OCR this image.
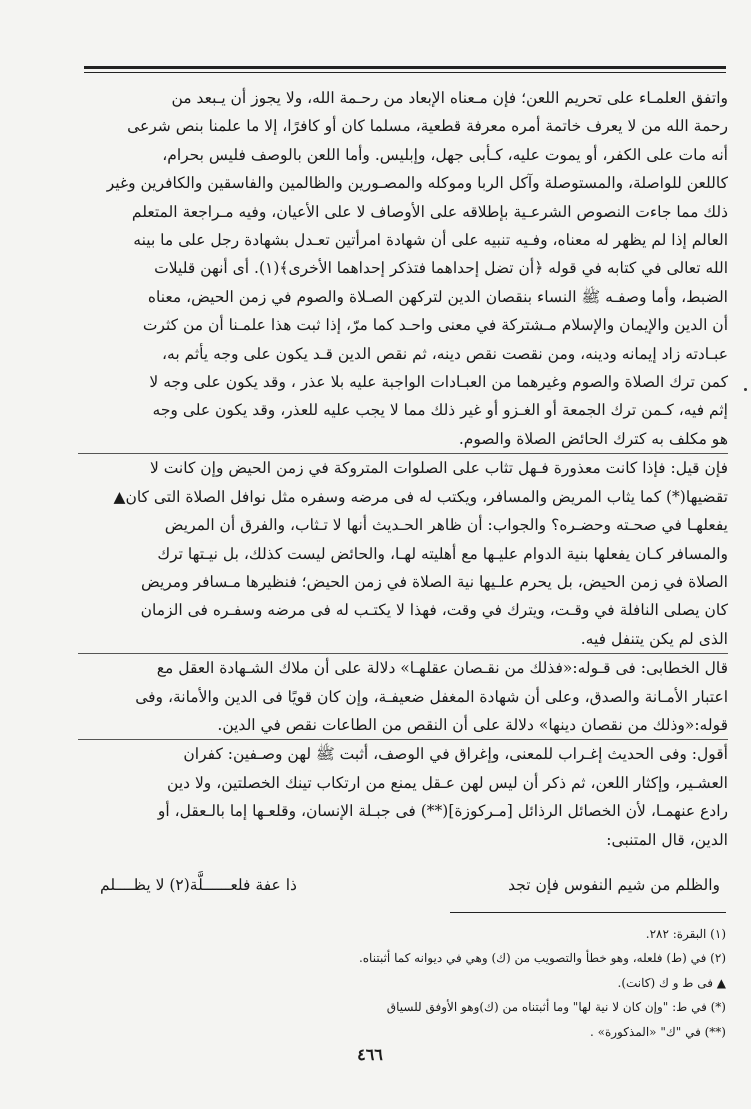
واتفق العلمـاء على تحريم اللعن؛ فإن مـعناه الإبعاد من رحـمة الله، ولا يجوز أن يـبعد من

رحمة الله من لا يعرف خاتمة أمره معرفة قطعية، مسلما كان أو كافرًا، إلا ما علمنا بنص شرعى

أنه مات على الكفر، أو يموت عليه، كـأبى جهل، وإبليس. وأما اللعن بالوصف فليس بحرام،

كاللعن للواصلة، والمستوصلة وآكل الربا وموكله والمصـورين والظالمين والفاسقين والكافرين وغير

ذلك مما جاءت النصوص الشرعـية بإطلاقه على الأوصاف لا على الأعيان، وفيه مـراجعة المتعلم

العالم إذا لم يظهر له معناه، وفـيه تنبيه على أن شهادة امرأتين تعـدل بشهادة رجل على ما بينه

الله تعالى في كتابه في قوله ﴿أن تضل إحداهما فتذكر إحداهما الأخرى﴾(١). أى أنهن قليلات

الضبط، وأما وصفـه ﷺ النساء بنقصان الدين لتركهن الصـلاة والصوم في زمن الحيض، معناه

أن الدين والإيمان والإسلام مـشتركة في معنى واحـد كما مرّ، إذا ثبت هذا علمـنا أن من كثرت

عبـادته زاد إيمانه ودينه، ومن نقصت نقص دينه، ثم نقص الدين قـد يكون على وجه يأثم به،

كمن ترك الصلاة والصوم وغيرهما من العبـادات الواجبة عليه بلا عذر ، وقد يكون على وجه لا

إثم فيه، كـمن ترك الجمعة أو الغـزو أو غير ذلك مما لا يجب عليه للعذر، وقد يكون على وجه

هو مكلف به كترك الحائض الصلاة والصوم.

فإن قيل: فإذا كانت معذورة فـهل تثاب على الصلوات المتروكة في زمن الحيض وإن كانت لا

تقضيها(*) كما يثاب المريض والمسافر، ويكتب له فى مرضه وسفره مثل نوافل الصلاة التى كان▲

يفعلهـا في صحـته وحضـره؟ والجواب: أن ظاهر الحـديث أنها لا تـثاب، والفرق أن المريض

والمسافر كـان يفعلها بنية الدوام عليـها مع أهليته لهـا، والحائض ليست كذلك، بل نيـتها ترك

الصلاة في زمن الحيض، بل يحرم علـيها نية الصلاة في زمن الحيض؛ فنظيرها مـسافر ومريض

كان يصلى النافلة في وقـت، ويترك في وقت، فهذا لا يكتـب له فى مرضه وسفـره فى الزمان

الذى لم يكن يتنفل فيه.

قال الخطابى: فى قـوله:«فذلك من نقـصان عقلهـا» دلالة على أن ملاك الشـهادة العقل مع

اعتبار الأمـانة والصدق، وعلى أن شهادة المغفل ضعيفـة، وإن كان قويًا فى الدين والأمانة، وفى

قوله:«وذلك من نقصان دينها» دلالة على أن النقص من الطاعات نقص في الدين.

أقول: وفى الحديث إغـراب للمعنى، وإغراق في الوصف، أثبت ﷺ لهن وصـفين: كفران

العشـير، وإكثار اللعن، ثم ذكر أن ليس لهن عـقل يمنع من ارتكاب تينك الخصلتين، ولا دين

رادع عنهمـا، لأن الخصائل الرذائل [مـركوزة](**) فى جبـلة الإنسان، وقلعـها إما بالـعقل، أو

الدين، قال المتنبى:

والظلم من شيم النفوس فإن تجد
ذا عفة فلعــــــلَّة(٢) لا يظــــلم
(١) البقرة: ٢٨٢.
(٢) في (ط) فلعله، وهو خطأ والتصويب من (ك) وهي في ديوانه كما أثبتناه.
▲ فى ط و ك (كانت).
(*) في ط: "وإن كان لا نية لها" وما أثبتناه من (ك)وهو الأوفق للسياق
(**) في "ك" «المذكورة» .
٤٦٦
